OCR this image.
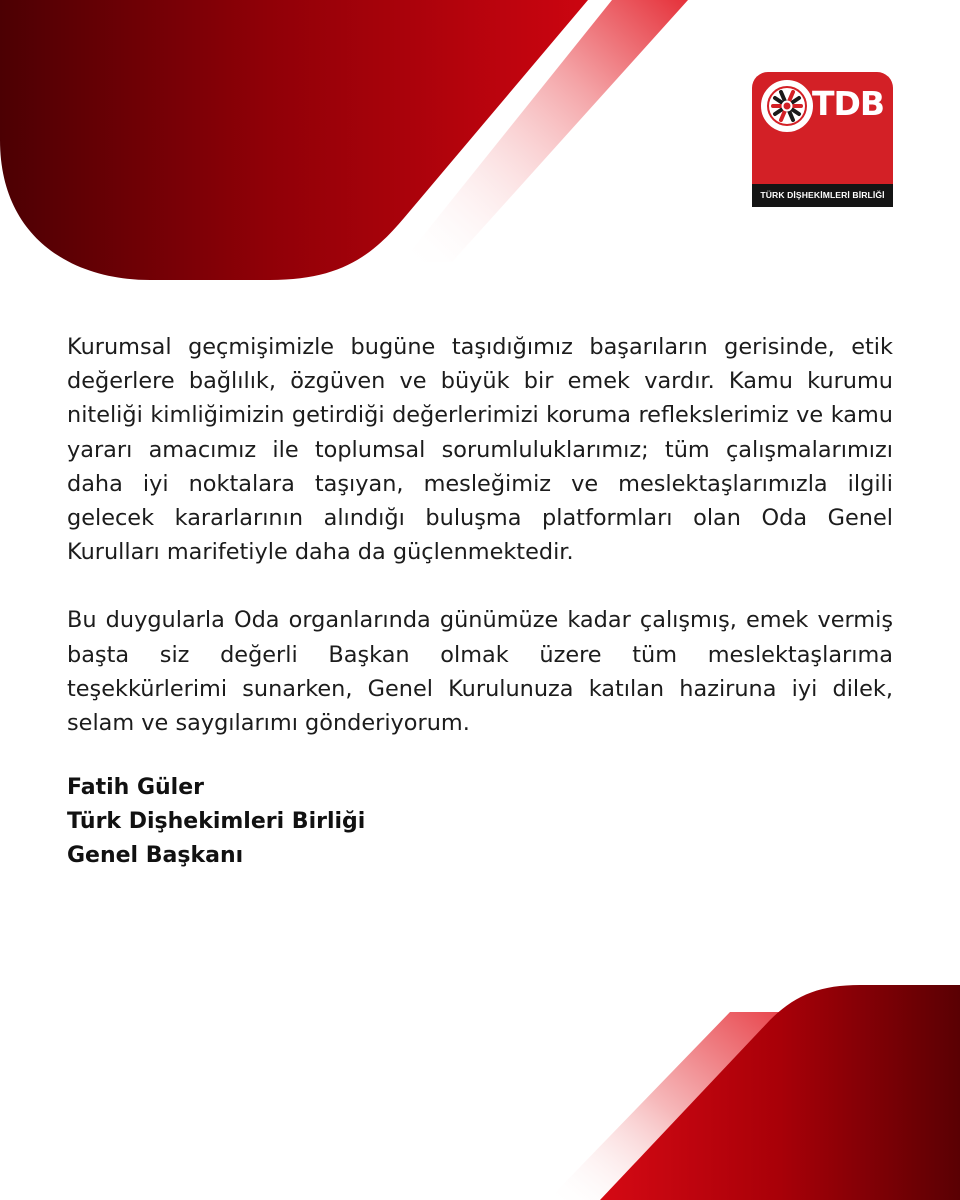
TDB
TÜRK DİŞHEKİMLERİ BİRLİĞİ

Kurumsal geçmişimizle bugüne taşıdığımız başarıların gerisinde, etik değerlere bağlılık, özgüven ve büyük bir emek vardır. Kamu kurumu niteliği kimliğimizin getirdiği değerlerimizi koruma reflekslerimiz ve kamu yararı amacımız ile toplumsal sorumluluklarımız; tüm çalışmalarımızı daha iyi noktalara taşıyan, mesleğimiz ve meslektaşlarımızla ilgili gelecek kararlarının alındığı buluşma platformları olan Oda Genel Kurulları marifetiyle daha da güçlenmektedir.

Bu duygularla Oda organlarında günümüze kadar çalışmış, emek vermiş başta siz değerli Başkan olmak üzere tüm meslektaşlarıma teşekkürlerimi sunarken, Genel Kurulunuza katılan haziruna iyi dilek, selam ve saygılarımı gönderiyorum.

Fatih Güler
Türk Dişhekimleri Birliği
Genel Başkanı
